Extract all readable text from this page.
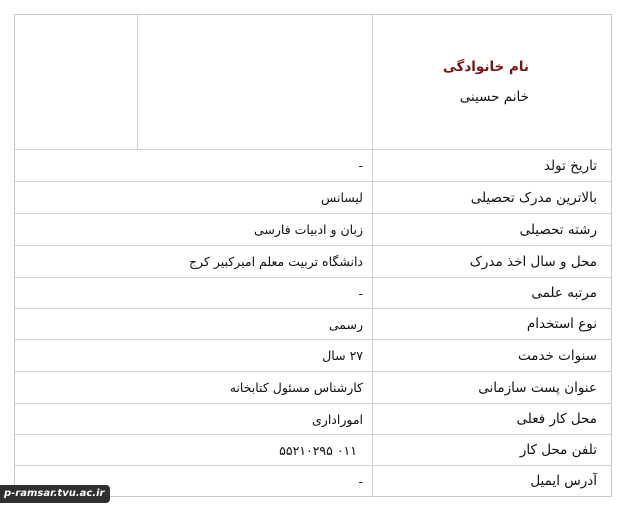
نام خانوادگی
خانم حسینی
تاریخ تولد
-
بالاترین مدرک تحصیلی
لیسانس
رشته تحصیلی
زبان و ادبیات فارسی
محل و سال اخذ مدرک
دانشگاه تربیت معلم امیرکبیر کرج
مرتبه علمی
-
نوع استخدام
رسمی
سنوات خدمت
۲۷ سال
عنوان پست سازمانی
کارشناس مسئول کتابخانه
محل کار فعلی
اموراداری
تلفن محل کار
۰۱۱ ۵۵۲۱۰۲۹۵
آدرس ایمیل
-
p-ramsar.tvu.ac.ir
